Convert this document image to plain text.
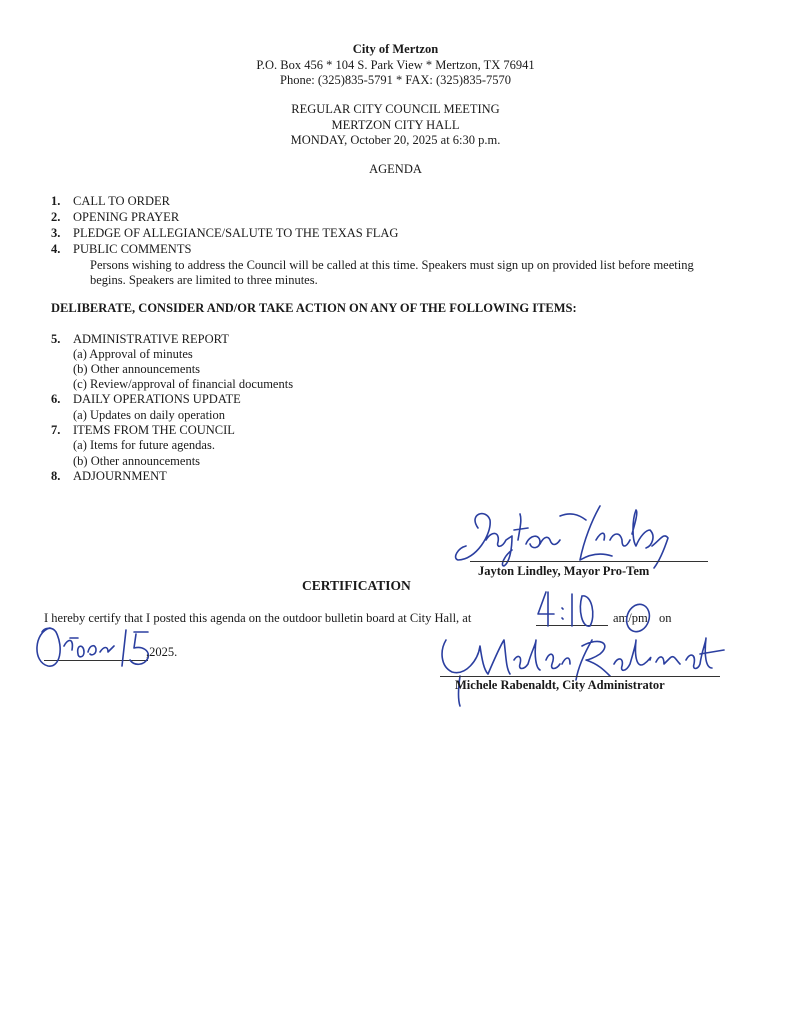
City of Mertzon
P.O. Box 456 * 104 S. Park View * Mertzon, TX 76941
Phone: (325)835-5791 * FAX: (325)835-7570
REGULAR CITY COUNCIL MEETING
MERTZON CITY HALL
MONDAY, October 20, 2025 at 6:30 p.m.
AGENDA
1. CALL TO ORDER
2. OPENING PRAYER
3. PLEDGE OF ALLEGIANCE/SALUTE TO THE TEXAS FLAG
4. PUBLIC COMMENTS
Persons wishing to address the Council will be called at this time. Speakers must sign up on provided list before meeting
begins. Speakers are limited to three minutes.
DELIBERATE, CONSIDER AND/OR TAKE ACTION ON ANY OF THE FOLLOWING ITEMS:
5. ADMINISTRATIVE REPORT
(a) Approval of minutes
(b) Other announcements
(c) Review/approval of financial documents
6. DAILY OPERATIONS UPDATE
(a) Updates on daily operation
7. ITEMS FROM THE COUNCIL
(a) Items for future agendas.
(b) Other announcements
8. ADJOURNMENT
Jayton Lindley, Mayor Pro-Tem
CERTIFICATION
I hereby certify that I posted this agenda on the outdoor bulletin board at City Hall, at	am/pm on
,2025.
Michele Rabenaldt, City Administrator
